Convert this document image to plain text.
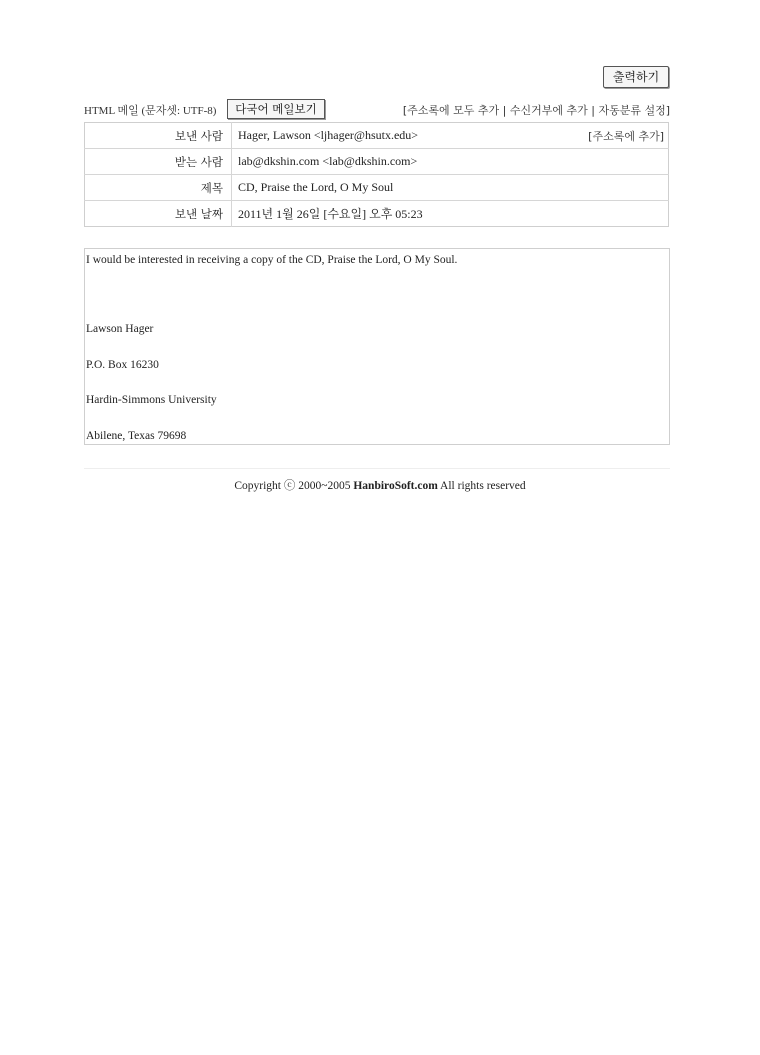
출력하기
HTML 메일 (문자셋: UTF-8)	다국어 메일보기	[주소록에 모두 추가 | 수신거부에 추가 | 자동분류 설정]
보낸 사람	Hager, Lawson <ljhager@hsutx.edu> [주소록에 추가]

받는 사람	lab@dkshin.com <lab@dkshin.com>
제목	CD, Praise the Lord, O My Soul
보낸 날짜	2011년 1월 26일 [수요일] 오후 05:23
I would be interested in receiving a copy of the CD, Praise the Lord, O My Soul.
Lawson Hager
P.O. Box 16230
Hardin-Simmons University
Abilene, Texas 79698
Copyright ⓒ 2000~2005 HanbiroSoft.com All rights reserved
